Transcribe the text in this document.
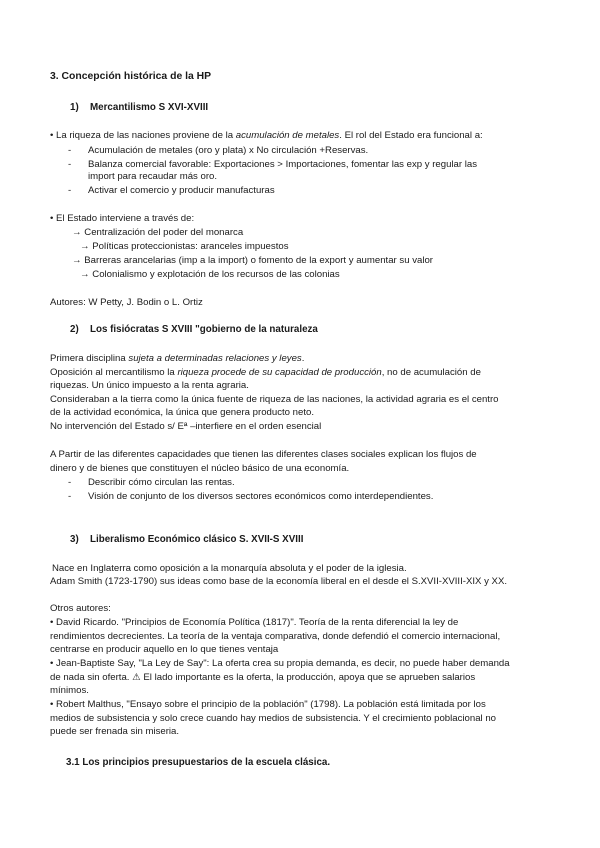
3. Concepción histórica de la HP
1) Mercantilismo S XVI-XVIII
• La riqueza de las naciones proviene de la acumulación de metales. El rol del Estado era funcional a:
- Acumulación de metales (oro y plata) x No circulación +Reservas.
- Balanza comercial favorable: Exportaciones > Importaciones, fomentar las exp y regular las
import para recaudar más oro.
- Activar el comercio y producir manufacturas
• El Estado interviene a través de:
→ Centralización del poder del monarca
→ Políticas proteccionistas: aranceles impuestos
→ Barreras arancelarias (imp a la import) o fomento de la export y aumentar su valor
→ Colonialismo y explotación de los recursos de las colonias
Autores: W Petty, J. Bodin o L. Ortiz
2) Los fisiócratas S XVIII "gobierno de la naturaleza
Primera disciplina sujeta a determinadas relaciones y leyes.
Oposición al mercantilismo la riqueza procede de su capacidad de producción, no de acumulación de
riquezas. Un único impuesto a la renta agraria.
Consideraban a la tierra como la única fuente de riqueza de las naciones, la actividad agraria es el centro
de la actividad económica, la única que genera producto neto.
No intervención del Estado s/ Eª –interfiere en el orden esencial
A Partir de las diferentes capacidades que tienen las diferentes clases sociales explican los flujos de
dinero y de bienes que constituyen el núcleo básico de una economía.
- Describir cómo circulan las rentas.
- Visión de conjunto de los diversos sectores económicos como interdependientes.
3) Liberalismo Económico clásico S. XVII-S XVIII
Nace en Inglaterra como oposición a la monarquía absoluta y el poder de la iglesia.
Adam Smith (1723-1790) sus ideas como base de la economía liberal en el desde el S.XVII-XVIII-XIX y XX.
Otros autores:
• David Ricardo. "Principios de Economía Política (1817)". Teoría de la renta diferencial la ley de
rendimientos decrecientes. La teoría de la ventaja comparativa, donde defendió el comercio internacional,
centrarse en producir aquello en lo que tienes ventaja
• Jean-Baptiste Say, "La Ley de Say": La oferta crea su propia demanda, es decir, no puede haber demanda
de nada sin oferta. ⚠ El lado importante es la oferta, la producción, apoya que se aprueben salarios
mínimos.
• Robert Malthus, "Ensayo sobre el principio de la población" (1798). La población está limitada por los
medios de subsistencia y solo crece cuando hay medios de subsistencia. Y el crecimiento poblacional no
puede ser frenada sin miseria.
3.1 Los principios presupuestarios de la escuela clásica.
